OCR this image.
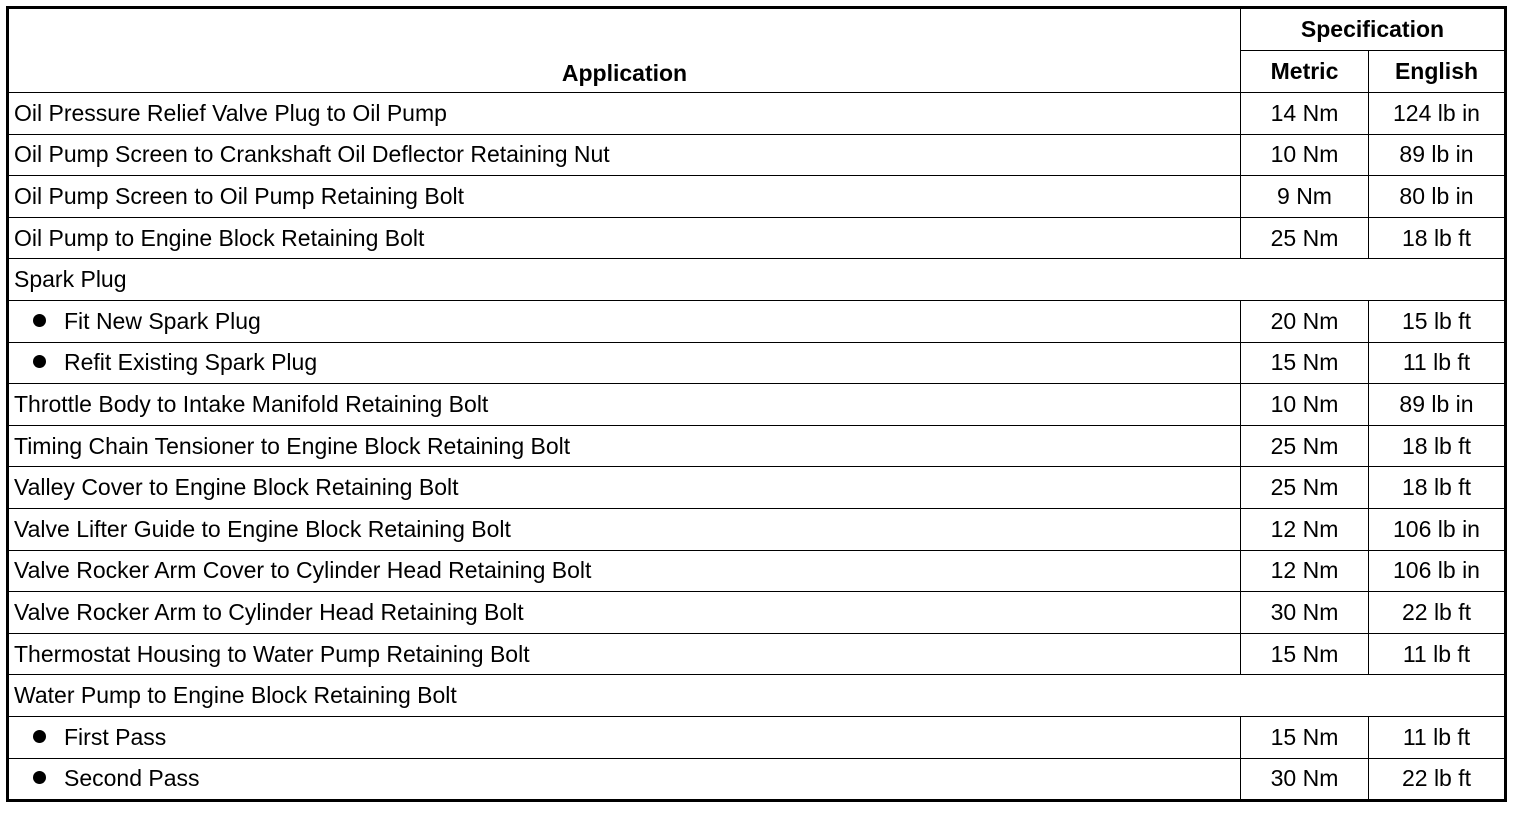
Application	Specification	
	Metric	English
Oil Pressure Relief Valve Plug to Oil Pump	14 Nm	124 lb in
Oil Pump Screen to Crankshaft Oil Deflector Retaining Nut	10 Nm	89 lb in
Oil Pump Screen to Oil Pump Retaining Bolt	9 Nm	80 lb in
Oil Pump to Engine Block Retaining Bolt	25 Nm	18 lb ft
Spark Plug		
Fit New Spark Plug	20 Nm	15 lb ft
Refit Existing Spark Plug	15 Nm	11 lb ft
Throttle Body to Intake Manifold Retaining Bolt	10 Nm	89 lb in
Timing Chain Tensioner to Engine Block Retaining Bolt	25 Nm	18 lb ft
Valley Cover to Engine Block Retaining Bolt	25 Nm	18 lb ft
Valve Lifter Guide to Engine Block Retaining Bolt	12 Nm	106 lb in
Valve Rocker Arm Cover to Cylinder Head Retaining Bolt	12 Nm	106 lb in
Valve Rocker Arm to Cylinder Head Retaining Bolt	30 Nm	22 lb ft
Thermostat Housing to Water Pump Retaining Bolt	15 Nm	11 lb ft
Water Pump to Engine Block Retaining Bolt		
First Pass	15 Nm	11 lb ft
Second Pass	30 Nm	22 lb ft
